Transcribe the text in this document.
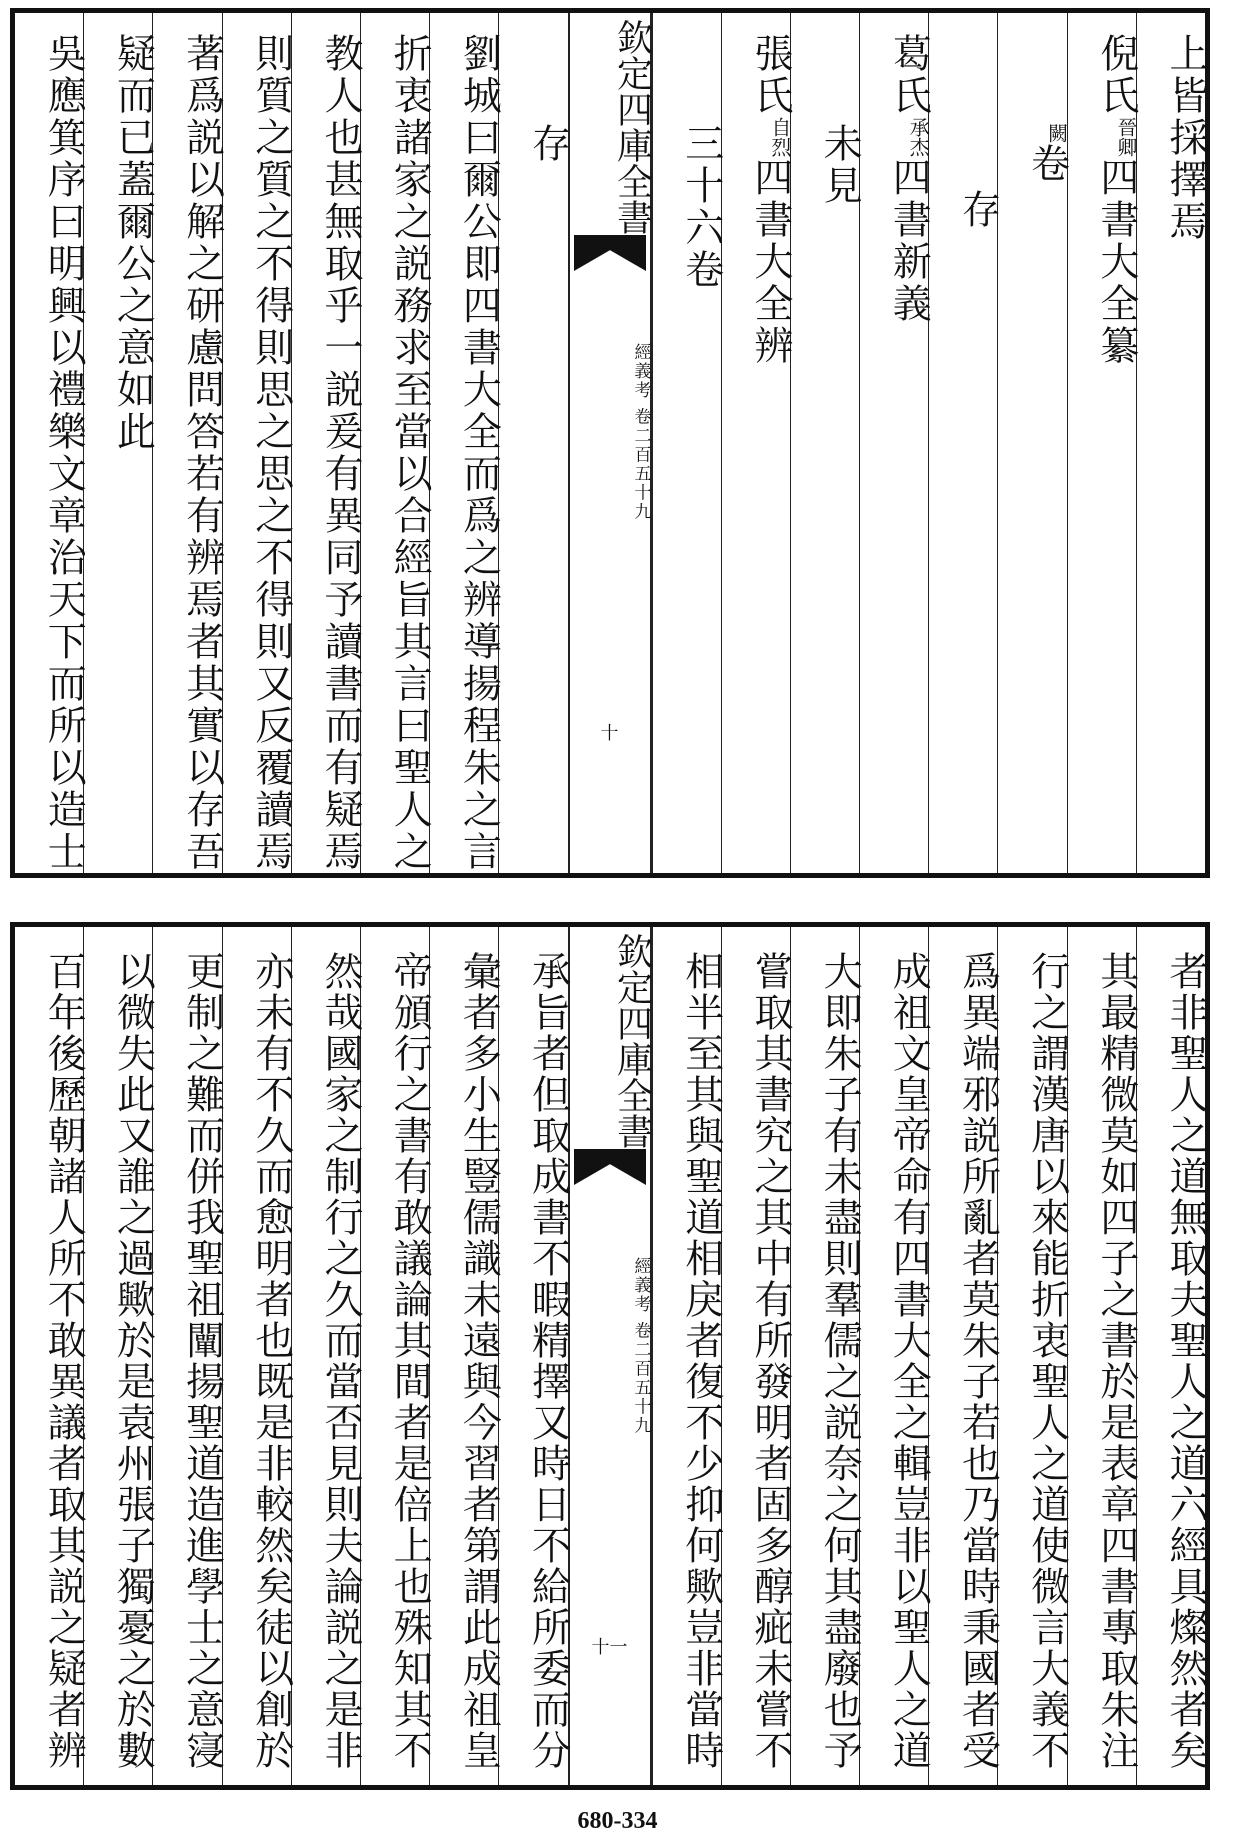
上皆採擇焉
倪氏$^{晉卿}$四書大全纂
$^闕$卷
存
葛氏$^{承杰}$四書新義
未見
張氏$^{自烈}$四書大全辨
三十六卷
欽定四庫全書
經義考 卷二百五十九
十
存
劉城曰爾公即四書大全而爲之辨導揚程朱之言
折衷諸家之説務求至當以合經旨其言曰聖人之
教人也甚無取乎一説爰有異同予讀書而有疑焉
則質之質之不得則思之思之不得則又反覆讀焉
著爲説以解之研慮問答若有辨焉者其實以存吾
疑而已蓋爾公之意如此
吳應箕序曰明興以禮樂文章治天下而所以造士
者非聖人之道無取夫聖人之道六經具燦然者矣
其最精微莫如四子之書於是表章四書專取朱注
行之謂漢唐以來能折衷聖人之道使微言大義不
爲異端邪説所亂者莫朱子若也乃當時秉國者受
成祖文皇帝命有四書大全之輯豈非以聖人之道
大即朱子有未盡則羣儒之説奈之何其盡廢也予
嘗取其書究之其中有所發明者固多醇疵未嘗不
相半至其與聖道相戾者復不少抑何歟豈非當時
欽定四庫全書
經義考 卷二百五十九
十一
承旨者但取成書不暇精擇又時日不給所委而分
彙者多小生豎儒識未遠與今習者第謂此成祖皇
帝頒行之書有敢議論其間者是倍上也殊知其不
然哉國家之制行之久而當否見則夫論説之是非
亦未有不久而愈明者也既是非較然矣徒以創於
更制之難而併我聖祖闡揚聖道造進學士之意寖
以微失此又誰之過歟於是袁州張子獨憂之於數
百年後歷朝諸人所不敢異議者取其説之疑者辨
680-334
